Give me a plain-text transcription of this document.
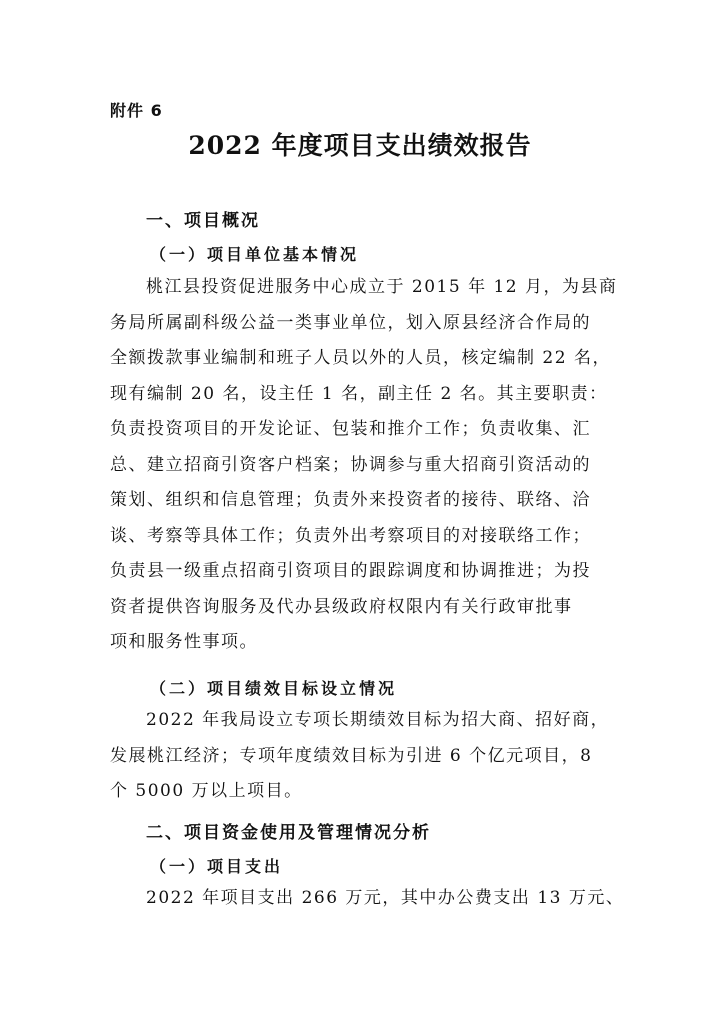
附件 6
2022 年度项目支出绩效报告
一、项目概况
（一）项目单位基本情况
桃江县投资促进服务中心成立于 2015 年 12 月，为县商
务局所属副科级公益一类事业单位，划入原县经济合作局的
全额拨款事业编制和班子人员以外的人员，核定编制 22 名，
现有编制 20 名，设主任 1 名，副主任 2 名。其主要职责：
负责投资项目的开发论证、包装和推介工作；负责收集、汇
总、建立招商引资客户档案；协调参与重大招商引资活动的
策划、组织和信息管理；负责外来投资者的接待、联络、洽
谈、考察等具体工作；负责外出考察项目的对接联络工作；
负责县一级重点招商引资项目的跟踪调度和协调推进；为投
资者提供咨询服务及代办县级政府权限内有关行政审批事
项和服务性事项。
（二）项目绩效目标设立情况
2022 年我局设立专项长期绩效目标为招大商、招好商，
发展桃江经济；专项年度绩效目标为引进 6 个亿元项目，8
个 5000 万以上项目。
二、项目资金使用及管理情况分析
（一）项目支出
2022 年项目支出 266 万元，其中办公费支出 13 万元、
